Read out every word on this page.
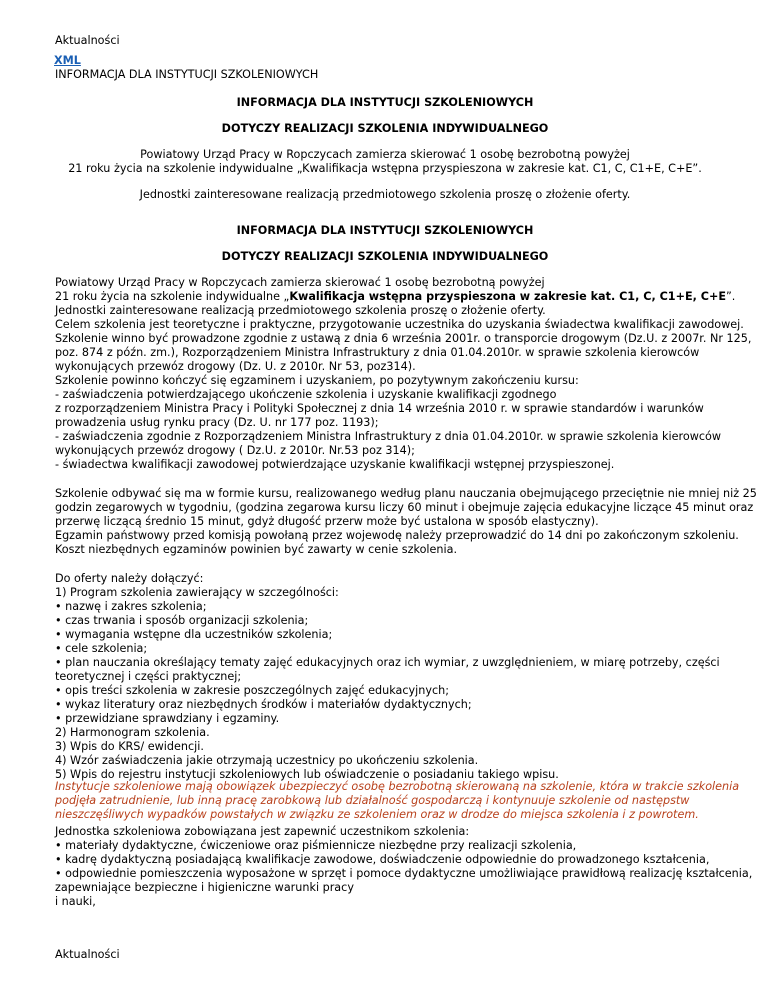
Aktualności
XML
INFORMACJA DLA INSTYTUCJI SZKOLENIOWYCH
INFORMACJA DLA INSTYTUCJI SZKOLENIOWYCH
DOTYCZY REALIZACJI SZKOLENIA INDYWIDUALNEGO
Powiatowy Urząd Pracy w Ropczycach zamierza skierować 1 osobę bezrobotną powyżej
21 roku życia na szkolenie indywidualne „Kwalifikacja wstępna przyspieszona w zakresie kat. C1, C, C1+E, C+E”.
Jednostki zainteresowane realizacją przedmiotowego szkolenia proszę o złożenie oferty.
INFORMACJA DLA INSTYTUCJI SZKOLENIOWYCH
DOTYCZY REALIZACJI SZKOLENIA INDYWIDUALNEGO
Powiatowy Urząd Pracy w Ropczycach zamierza skierować 1 osobę bezrobotną powyżej
21 roku życia na szkolenie indywidualne „Kwalifikacja wstępna przyspieszona w zakresie kat. C1, C, C1+E, C+E”.
Jednostki zainteresowane realizacją przedmiotowego szkolenia proszę o złożenie oferty.
Celem szkolenia jest teoretyczne i praktyczne, przygotowanie uczestnika do uzyskania świadectwa kwalifikacji zawodowej.
Szkolenie winno być prowadzone zgodnie z ustawą z dnia 6 września 2001r. o transporcie drogowym (Dz.U. z 2007r. Nr 125,
poz. 874 z późn. zm.), Rozporządzeniem Ministra Infrastruktury z dnia 01.04.2010r. w sprawie szkolenia kierowców
wykonujących przewóz drogowy (Dz. U. z 2010r. Nr 53, poz314).
Szkolenie powinno kończyć się egzaminem i uzyskaniem, po pozytywnym zakończeniu kursu:
- zaświadczenia potwierdzającego ukończenie szkolenia i uzyskanie kwalifikacji zgodnego
z rozporządzeniem Ministra Pracy i Polityki Społecznej z dnia 14 września 2010 r. w sprawie standardów i warunków
prowadzenia usług rynku pracy (Dz. U. nr 177 poz. 1193);
- zaświadczenia zgodnie z Rozporządzeniem Ministra Infrastruktury z dnia 01.04.2010r. w sprawie szkolenia kierowców
wykonujących przewóz drogowy ( Dz.U. z 2010r. Nr.53 poz 314);
- świadectwa kwalifikacji zawodowej potwierdzające uzyskanie kwalifikacji wstępnej przyspieszonej.
Szkolenie odbywać się ma w formie kursu, realizowanego według planu nauczania obejmującego przeciętnie nie mniej niż 25
godzin zegarowych w tygodniu, (godzina zegarowa kursu liczy 60 minut i obejmuje zajęcia edukacyjne liczące 45 minut oraz
przerwę liczącą średnio 15 minut, gdyż długość przerw może być ustalona w sposób elastyczny).
Egzamin państwowy przed komisją powołaną przez wojewodę należy przeprowadzić do 14 dni po zakończonym szkoleniu.
Koszt niezbędnych egzaminów powinien być zawarty w cenie szkolenia.
Do oferty należy dołączyć:
1) Program szkolenia zawierający w szczególności:
• nazwę i zakres szkolenia;
• czas trwania i sposób organizacji szkolenia;
• wymagania wstępne dla uczestników szkolenia;
• cele szkolenia;
• plan nauczania określający tematy zajęć edukacyjnych oraz ich wymiar, z uwzględnieniem, w miarę potrzeby, części
teoretycznej i części praktycznej;
• opis treści szkolenia w zakresie poszczególnych zajęć edukacyjnych;
• wykaz literatury oraz niezbędnych środków i materiałów dydaktycznych;
• przewidziane sprawdziany i egzaminy.
2) Harmonogram szkolenia.
3) Wpis do KRS/ ewidencji.
4) Wzór zaświadczenia jakie otrzymają uczestnicy po ukończeniu szkolenia.
5) Wpis do rejestru instytucji szkoleniowych lub oświadczenie o posiadaniu takiego wpisu.
Instytucje szkoleniowe mają obowiązek ubezpieczyć osobę bezrobotną skierowaną na szkolenie, która w trakcie szkolenia
podjęła zatrudnienie, lub inną pracę zarobkową lub działalność gospodarczą i kontynuuje szkolenie od następstw
nieszczęśliwych wypadków powstałych w związku ze szkoleniem oraz w drodze do miejsca szkolenia i z powrotem.
Jednostka szkoleniowa zobowiązana jest zapewnić uczestnikom szkolenia:
• materiały dydaktyczne, ćwiczeniowe oraz piśmiennicze niezbędne przy realizacji szkolenia,
• kadrę dydaktyczną posiadającą kwalifikacje zawodowe, doświadczenie odpowiednie do prowadzonego kształcenia,
• odpowiednie pomieszczenia wyposażone w sprzęt i pomoce dydaktyczne umożliwiające prawidłową realizację kształcenia,
zapewniające bezpieczne i higieniczne warunki pracy
i nauki,
Aktualności
